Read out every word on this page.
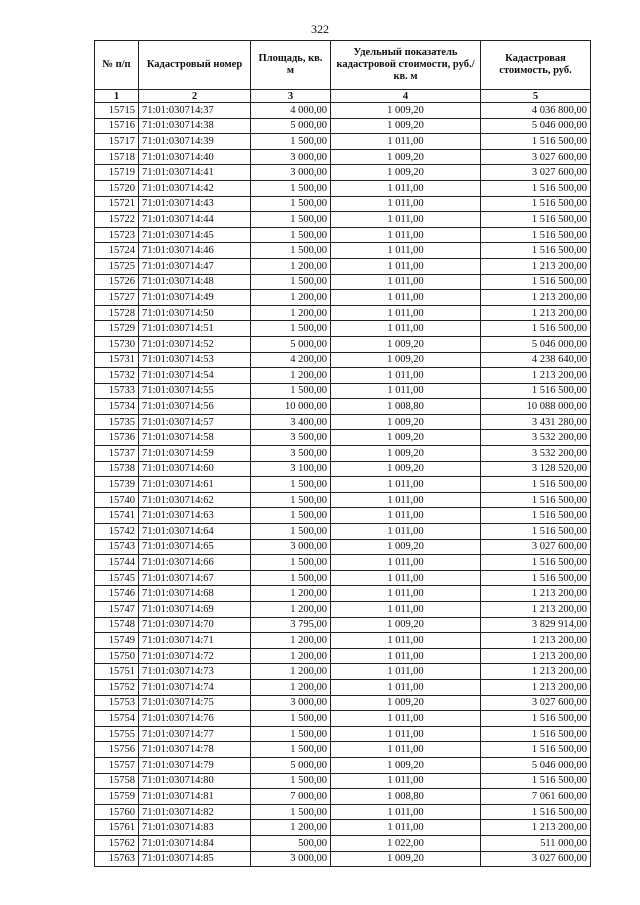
322
№ п/п	Кадастровый номер	Площадь, кв. м	Удельный показатель кадастровой стоимости, руб./кв. м	Кадастровая стоимость, руб.
1	2	3	4	5
15715	71:01:030714:37	4 000,00	1 009,20	4 036 800,00
15716	71:01:030714:38	5 000,00	1 009,20	5 046 000,00
15717	71:01:030714:39	1 500,00	1 011,00	1 516 500,00
15718	71:01:030714:40	3 000,00	1 009,20	3 027 600,00
15719	71:01:030714:41	3 000,00	1 009,20	3 027 600,00
15720	71:01:030714:42	1 500,00	1 011,00	1 516 500,00
15721	71:01:030714:43	1 500,00	1 011,00	1 516 500,00
15722	71:01:030714:44	1 500,00	1 011,00	1 516 500,00
15723	71:01:030714:45	1 500,00	1 011,00	1 516 500,00
15724	71:01:030714:46	1 500,00	1 011,00	1 516 500,00
15725	71:01:030714:47	1 200,00	1 011,00	1 213 200,00
15726	71:01:030714:48	1 500,00	1 011,00	1 516 500,00
15727	71:01:030714:49	1 200,00	1 011,00	1 213 200,00
15728	71:01:030714:50	1 200,00	1 011,00	1 213 200,00
15729	71:01:030714:51	1 500,00	1 011,00	1 516 500,00
15730	71:01:030714:52	5 000,00	1 009,20	5 046 000,00
15731	71:01:030714:53	4 200,00	1 009,20	4 238 640,00
15732	71:01:030714:54	1 200,00	1 011,00	1 213 200,00
15733	71:01:030714:55	1 500,00	1 011,00	1 516 500,00
15734	71:01:030714:56	10 000,00	1 008,80	10 088 000,00
15735	71:01:030714:57	3 400,00	1 009,20	3 431 280,00
15736	71:01:030714:58	3 500,00	1 009,20	3 532 200,00
15737	71:01:030714:59	3 500,00	1 009,20	3 532 200,00
15738	71:01:030714:60	3 100,00	1 009,20	3 128 520,00
15739	71:01:030714:61	1 500,00	1 011,00	1 516 500,00
15740	71:01:030714:62	1 500,00	1 011,00	1 516 500,00
15741	71:01:030714:63	1 500,00	1 011,00	1 516 500,00
15742	71:01:030714:64	1 500,00	1 011,00	1 516 500,00
15743	71:01:030714:65	3 000,00	1 009,20	3 027 600,00
15744	71:01:030714:66	1 500,00	1 011,00	1 516 500,00
15745	71:01:030714:67	1 500,00	1 011,00	1 516 500,00
15746	71:01:030714:68	1 200,00	1 011,00	1 213 200,00
15747	71:01:030714:69	1 200,00	1 011,00	1 213 200,00
15748	71:01:030714:70	3 795,00	1 009,20	3 829 914,00
15749	71:01:030714:71	1 200,00	1 011,00	1 213 200,00
15750	71:01:030714:72	1 200,00	1 011,00	1 213 200,00
15751	71:01:030714:73	1 200,00	1 011,00	1 213 200,00
15752	71:01:030714:74	1 200,00	1 011,00	1 213 200,00
15753	71:01:030714:75	3 000,00	1 009,20	3 027 600,00
15754	71:01:030714:76	1 500,00	1 011,00	1 516 500,00
15755	71:01:030714:77	1 500,00	1 011,00	1 516 500,00
15756	71:01:030714:78	1 500,00	1 011,00	1 516 500,00
15757	71:01:030714:79	5 000,00	1 009,20	5 046 000,00
15758	71:01:030714:80	1 500,00	1 011,00	1 516 500,00
15759	71:01:030714:81	7 000,00	1 008,80	7 061 600,00
15760	71:01:030714:82	1 500,00	1 011,00	1 516 500,00
15761	71:01:030714:83	1 200,00	1 011,00	1 213 200,00
15762	71:01:030714:84	500,00	1 022,00	511 000,00
15763	71:01:030714:85	3 000,00	1 009,20	3 027 600,00
